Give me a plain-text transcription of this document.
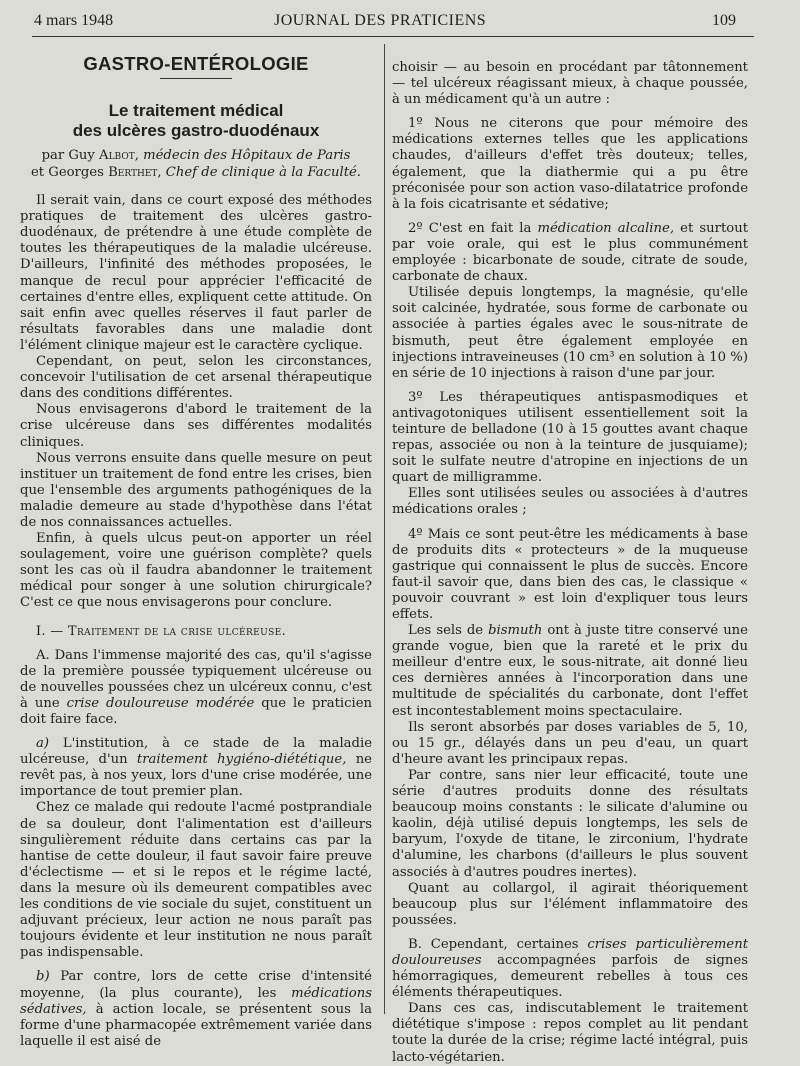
4 mars 1948	JOURNAL DES PRATICIENS	109
GASTRO-ENTÉROLOGIE
Le traitement médical
des ulcères gastro-duodénaux
par Guy Albot, médecin des Hôpitaux de Paris
et Georges Berthet, Chef de clinique à la Faculté.

Il serait vain, dans ce court exposé des méthodes pratiques de traitement des ulcères gastro-duodénaux, de prétendre à une étude complète de toutes les thérapeutiques de la maladie ulcéreuse. D'ailleurs, l'infinité des méthodes proposées, le manque de recul pour apprécier l'efficacité de certaines d'entre elles, expliquent cette attitude. On sait enfin avec quelles réserves il faut parler de résultats favorables dans une maladie dont l'élément clinique majeur est le caractère cyclique.

Cependant, on peut, selon les circonstances, concevoir l'utilisation de cet arsenal thérapeutique dans des conditions différentes.

Nous envisagerons d'abord le traitement de la crise ulcéreuse dans ses différentes modalités cliniques.

Nous verrons ensuite dans quelle mesure on peut instituer un traitement de fond entre les crises, bien que l'ensemble des arguments pathogéniques de la maladie demeure au stade d'hypothèse dans l'état de nos connaissances actuelles.

Enfin, à quels ulcus peut-on apporter un réel soulagement, voire une guérison complète? quels sont les cas où il faudra abandonner le traitement médical pour songer à une solution chirurgicale? C'est ce que nous envisagerons pour conclure.

I. — Traitement de la crise ulcéreuse.

A. Dans l'immense majorité des cas, qu'il s'agisse de la première poussée typiquement ulcéreuse ou de nouvelles poussées chez un ulcéreux connu, c'est à une crise douloureuse modérée que le praticien doit faire face.

a) L'institution, à ce stade de la maladie ulcéreuse, d'un traitement hygiéno-diététique, ne revêt pas, à nos yeux, lors d'une crise modérée, une importance de tout premier plan.

Chez ce malade qui redoute l'acmé postprandiale de sa douleur, dont l'alimentation est d'ailleurs singulièrement réduite dans certains cas par la hantise de cette douleur, il faut savoir faire preuve d'éclectisme — et si le repos et le régime lacté, dans la mesure où ils demeurent compatibles avec les conditions de vie sociale du sujet, constituent un adjuvant précieux, leur action ne nous paraît pas toujours évidente et leur institution ne nous paraît pas indispensable.

b) Par contre, lors de cette crise d'intensité moyenne, (la plus courante), les médications sédatives, à action locale, se présentent sous la forme d'une pharmacopée extrêmement variée dans laquelle il est aisé de

choisir — au besoin en procédant par tâtonnement — tel ulcéreux réagissant mieux, à chaque poussée, à un médicament qu'à un autre :

1º Nous ne citerons que pour mémoire des médications externes telles que les applications chaudes, d'ailleurs d'effet très douteux; telles, également, que la diathermie qui a pu être préconisée pour son action vaso-dilatatrice profonde à la fois cicatrisante et sédative;

2º C'est en fait la médication alcaline, et surtout par voie orale, qui est le plus communément employée : bicarbonate de soude, citrate de soude, carbonate de chaux.

Utilisée depuis longtemps, la magnésie, qu'elle soit calcinée, hydratée, sous forme de carbonate ou associée à parties égales avec le sous-nitrate de bismuth, peut être également employée en injections intraveineuses (10 cm³ en solution à 10 %) en série de 10 injections à raison d'une par jour.

3º Les thérapeutiques antispasmodiques et antivagotoniques utilisent essentiellement soit la teinture de belladone (10 à 15 gouttes avant chaque repas, associée ou non à la teinture de jusquiame); soit le sulfate neutre d'atropine en injections de un quart de milligramme.

Elles sont utilisées seules ou associées à d'autres médications orales ;

4º Mais ce sont peut-être les médicaments à base de produits dits « protecteurs » de la muqueuse gastrique qui connaissent le plus de succès. Encore faut-il savoir que, dans bien des cas, le classique « pouvoir couvrant » est loin d'expliquer tous leurs effets.

Les sels de bismuth ont à juste titre conservé une grande vogue, bien que la rareté et le prix du meilleur d'entre eux, le sous-nitrate, ait donné lieu ces dernières années à l'incorporation dans une multitude de spécialités du carbonate, dont l'effet est incontestablement moins spectaculaire.

Ils seront absorbés par doses variables de 5, 10, ou 15 gr., délayés dans un peu d'eau, un quart d'heure avant les principaux repas.

Par contre, sans nier leur efficacité, toute une série d'autres produits donne des résultats beaucoup moins constants : le silicate d'alumine ou kaolin, déjà utilisé depuis longtemps, les sels de baryum, l'oxyde de titane, le zirconium, l'hydrate d'alumine, les charbons (d'ailleurs le plus souvent associés à d'autres poudres inertes).

Quant au collargol, il agirait théoriquement beaucoup plus sur l'élément inflammatoire des poussées.

B. Cependant, certaines crises particulièrement douloureuses accompagnées parfois de signes hémorragiques, demeurent rebelles à tous ces éléments thérapeutiques.

Dans ces cas, indiscutablement le traitement diététique s'impose : repos complet au lit pendant toute la durée de la crise; régime lacté intégral, puis lacto-végétarien.
